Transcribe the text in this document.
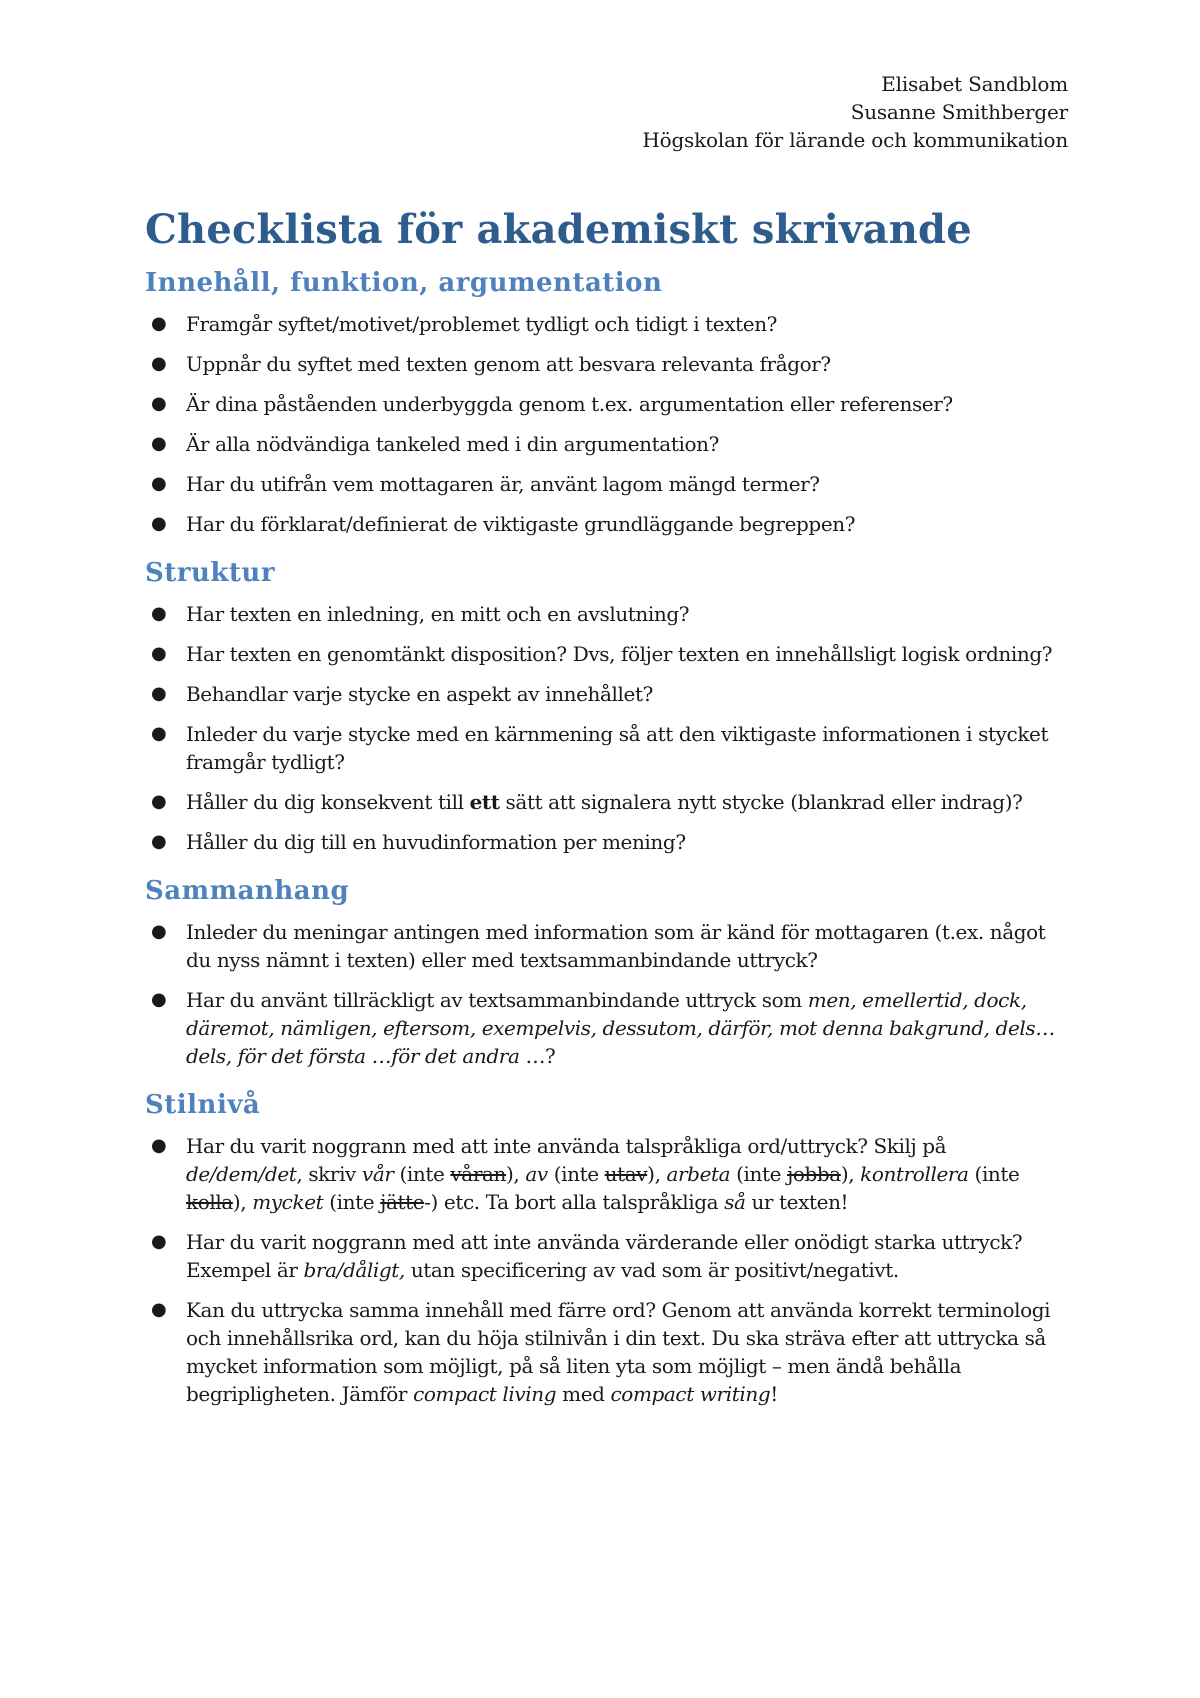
Elisabet Sandblom
Susanne Smithberger
Högskolan för lärande och kommunikation
Checklista för akademiskt skrivande
Innehåll, funktion, argumentation
● Framgår syftet/motivet/problemet tydligt och tidigt i texten?
● Uppnår du syftet med texten genom att besvara relevanta frågor?
● Är dina påståenden underbyggda genom t.ex. argumentation eller referenser?
● Är alla nödvändiga tankeled med i din argumentation?
● Har du utifrån vem mottagaren är, använt lagom mängd termer?
● Har du förklarat/definierat de viktigaste grundläggande begreppen?
Struktur
● Har texten en inledning, en mitt och en avslutning?
● Har texten en genomtänkt disposition? Dvs, följer texten en innehållsligt logisk ordning?
● Behandlar varje stycke en aspekt av innehållet?
● Inleder du varje stycke med en kärnmening så att den viktigaste informationen i stycket framgår tydligt?
● Håller du dig konsekvent till ett sätt att signalera nytt stycke (blankrad eller indrag)?
● Håller du dig till en huvudinformation per mening?
Sammanhang
● Inleder du meningar antingen med information som är känd för mottagaren (t.ex. något du nyss nämnt i texten) eller med textsammanbindande uttryck?
● Har du använt tillräckligt av textsammanbindande uttryck som men, emellertid, dock, däremot, nämligen, eftersom, exempelvis, dessutom, därför, mot denna bakgrund, dels… dels, för det första …för det andra …?
Stilnivå
● Har du varit noggrann med att inte använda talspråkliga ord/uttryck? Skilj på de/dem/det, skriv vår (inte våran), av (inte utav), arbeta (inte jobba), kontrollera (inte kolla), mycket (inte jätte-) etc. Ta bort alla talspråkliga så ur texten!
● Har du varit noggrann med att inte använda värderande eller onödigt starka uttryck? Exempel är bra/dåligt, utan specificering av vad som är positivt/negativt.
● Kan du uttrycka samma innehåll med färre ord? Genom att använda korrekt terminologi och innehållsrika ord, kan du höja stilnivån i din text. Du ska sträva efter att uttrycka så mycket information som möjligt, på så liten yta som möjligt – men ändå behålla begripligheten. Jämför compact living med compact writing!
